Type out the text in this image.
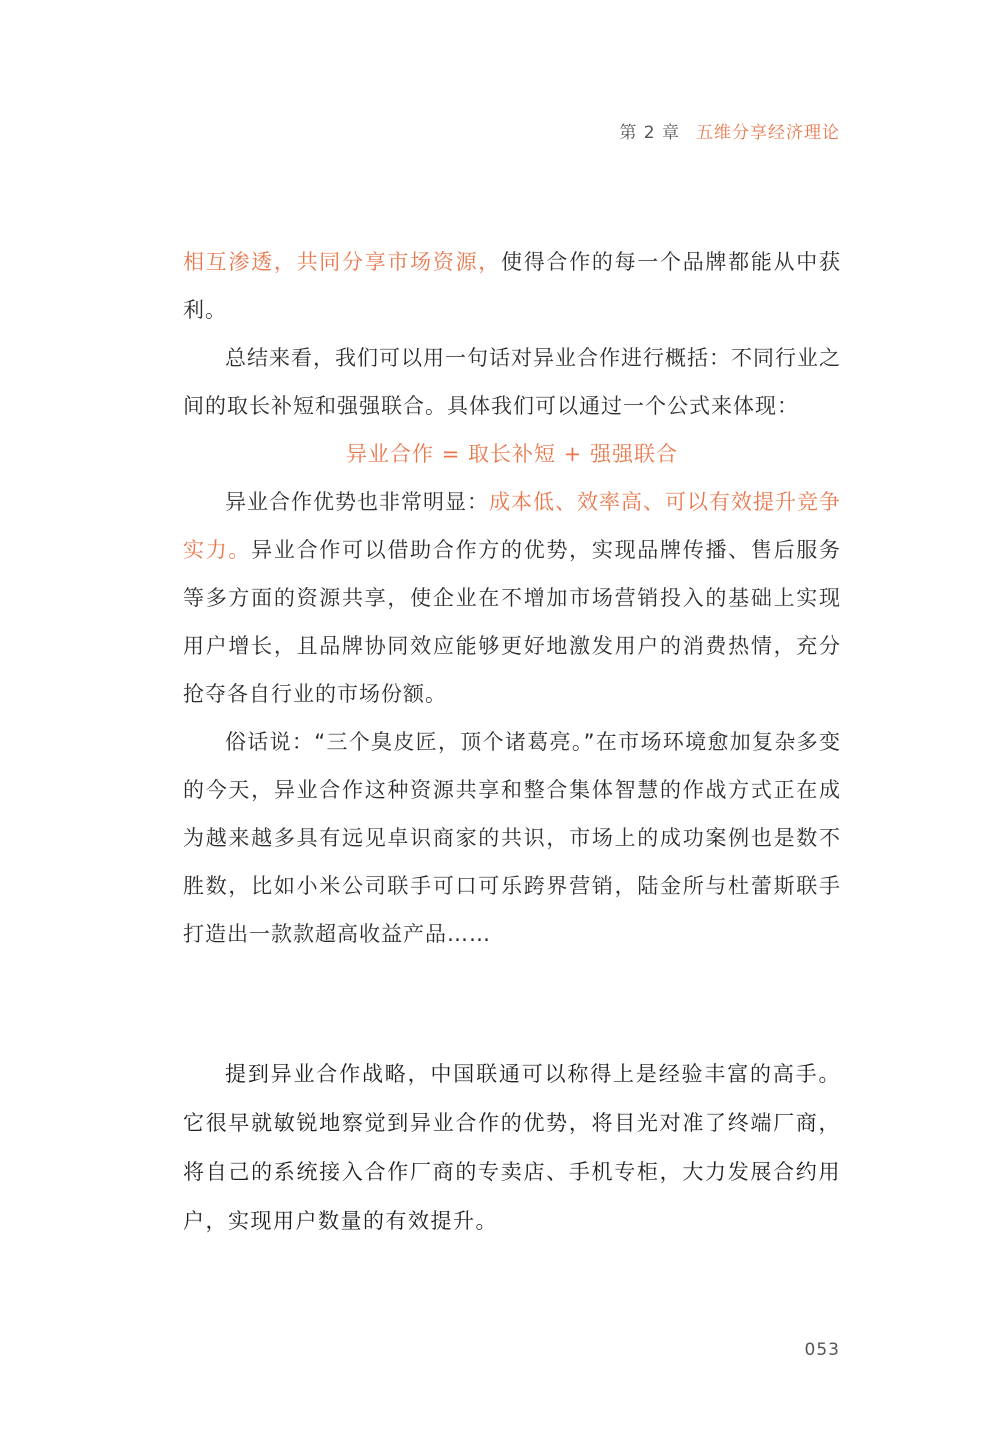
第 2 章 五维分享经济理论

相互渗透，共同分享市场资源，使得合作的每一个品牌都能从中获利。

总结来看，我们可以用一句话对异业合作进行概括：不同行业之间的取长补短和强强联合。具体我们可以通过一个公式来体现：

异业合作 = 取长补短 + 强强联合

异业合作优势也非常明显：成本低、效率高、可以有效提升竞争实力。异业合作可以借助合作方的优势，实现品牌传播、售后服务等多方面的资源共享，使企业在不增加市场营销投入的基础上实现用户增长，且品牌协同效应能够更好地激发用户的消费热情，充分抢夺各自行业的市场份额。

俗话说：“三个臭皮匠，顶个诸葛亮。”在市场环境愈加复杂多变的今天，异业合作这种资源共享和整合集体智慧的作战方式正在成为越来越多具有远见卓识商家的共识，市场上的成功案例也是数不胜数，比如小米公司联手可口可乐跨界营销，陆金所与杜蕾斯联手打造出一款款超高收益产品……

提到异业合作战略，中国联通可以称得上是经验丰富的高手。它很早就敏锐地察觉到异业合作的优势，将目光对准了终端厂商，将自己的系统接入合作厂商的专卖店、手机专柜，大力发展合约用户，实现用户数量的有效提升。

053
